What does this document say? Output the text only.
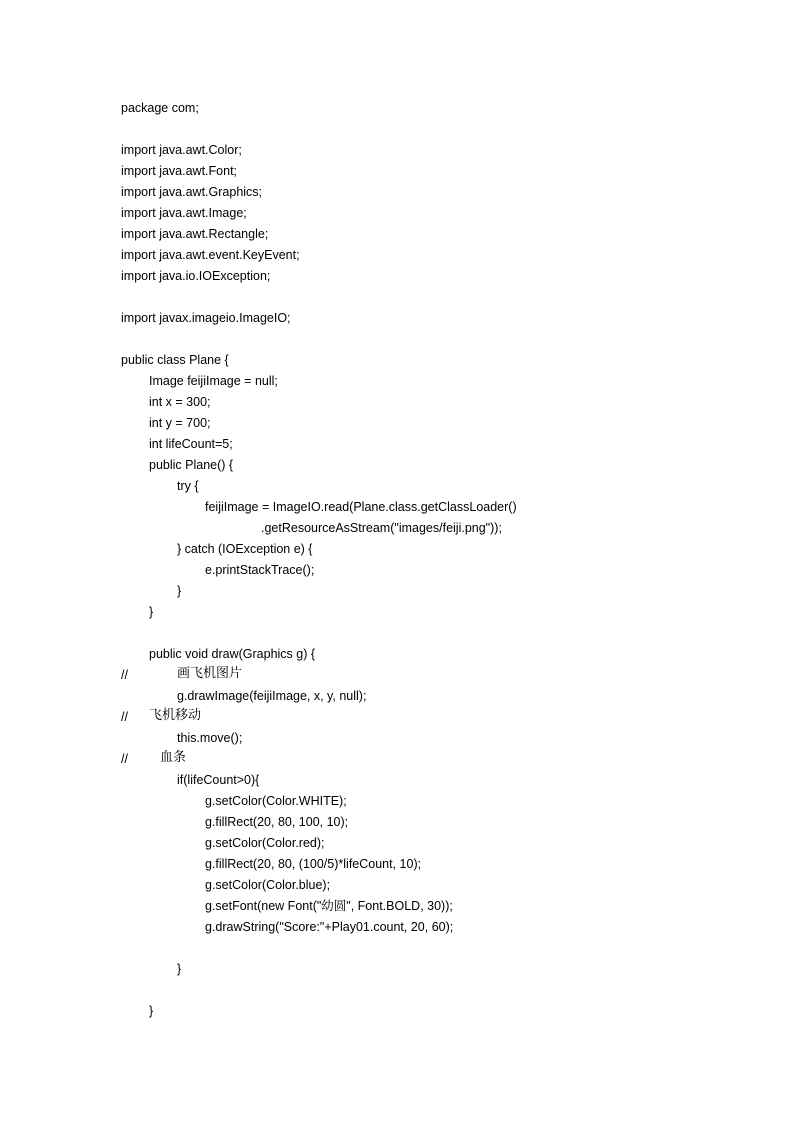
package com;
import java.awt.Color;
import java.awt.Font;
import java.awt.Graphics;
import java.awt.Image;
import java.awt.Rectangle;
import java.awt.event.KeyEvent;
import java.io.IOException;
import javax.imageio.ImageIO;
public class Plane {
Image feijiImage = null;
int x = 300;
int y = 700;
int lifeCount=5;
public Plane() {
try {
feijiImage = ImageIO.read(Plane.class.getClassLoader()
.getResourceAsStream("images/feiji.png"));
} catch (IOException e) {
e.printStackTrace();
}
}
public void draw(Graphics g) {
//	画飞机图片
g.drawImage(feijiImage, x, y, null);
// 飞机移动
this.move();
// 血条
if(lifeCount>0){
g.setColor(Color.WHITE);
g.fillRect(20, 80, 100, 10);
g.setColor(Color.red);
g.fillRect(20, 80, (100/5)*lifeCount, 10);
g.setColor(Color.blue);
g.setFont(new Font("幼圆", Font.BOLD, 30));
g.drawString("Score:"+Play01.count, 20, 60);
}
}
